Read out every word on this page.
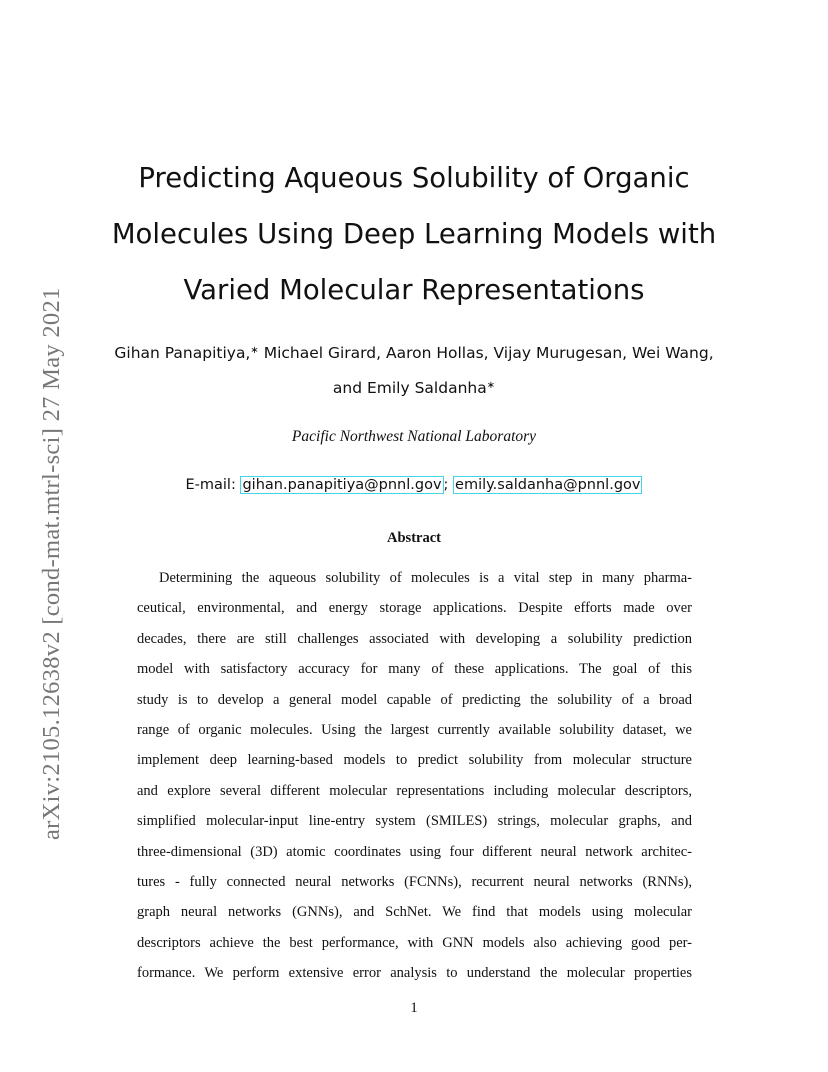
arXiv:2105.12638v2 [cond-mat.mtrl-sci] 27 May 2021
Predicting Aqueous Solubility of Organic
Molecules Using Deep Learning Models with
Varied Molecular Representations
Gihan Panapitiya,∗ Michael Girard, Aaron Hollas, Vijay Murugesan, Wei Wang,
and Emily Saldanha∗
Pacific Northwest National Laboratory
E-mail: gihan.panapitiya@pnnl.gov ; emily.saldanha@pnnl.gov
Abstract
Determining the aqueous solubility of molecules is a vital step in many pharma-
ceutical, environmental, and energy storage applications. Despite efforts made over
decades, there are still challenges associated with developing a solubility prediction
model with satisfactory accuracy for many of these applications. The goal of this
study is to develop a general model capable of predicting the solubility of a broad
range of organic molecules. Using the largest currently available solubility dataset, we
implement deep learning-based models to predict solubility from molecular structure
and explore several different molecular representations including molecular descriptors,
simplified molecular-input line-entry system (SMILES) strings, molecular graphs, and
three-dimensional (3D) atomic coordinates using four different neural network architec-
tures - fully connected neural networks (FCNNs), recurrent neural networks (RNNs),
graph neural networks (GNNs), and SchNet. We find that models using molecular
descriptors achieve the best performance, with GNN models also achieving good per-
formance. We perform extensive error analysis to understand the molecular properties
1
